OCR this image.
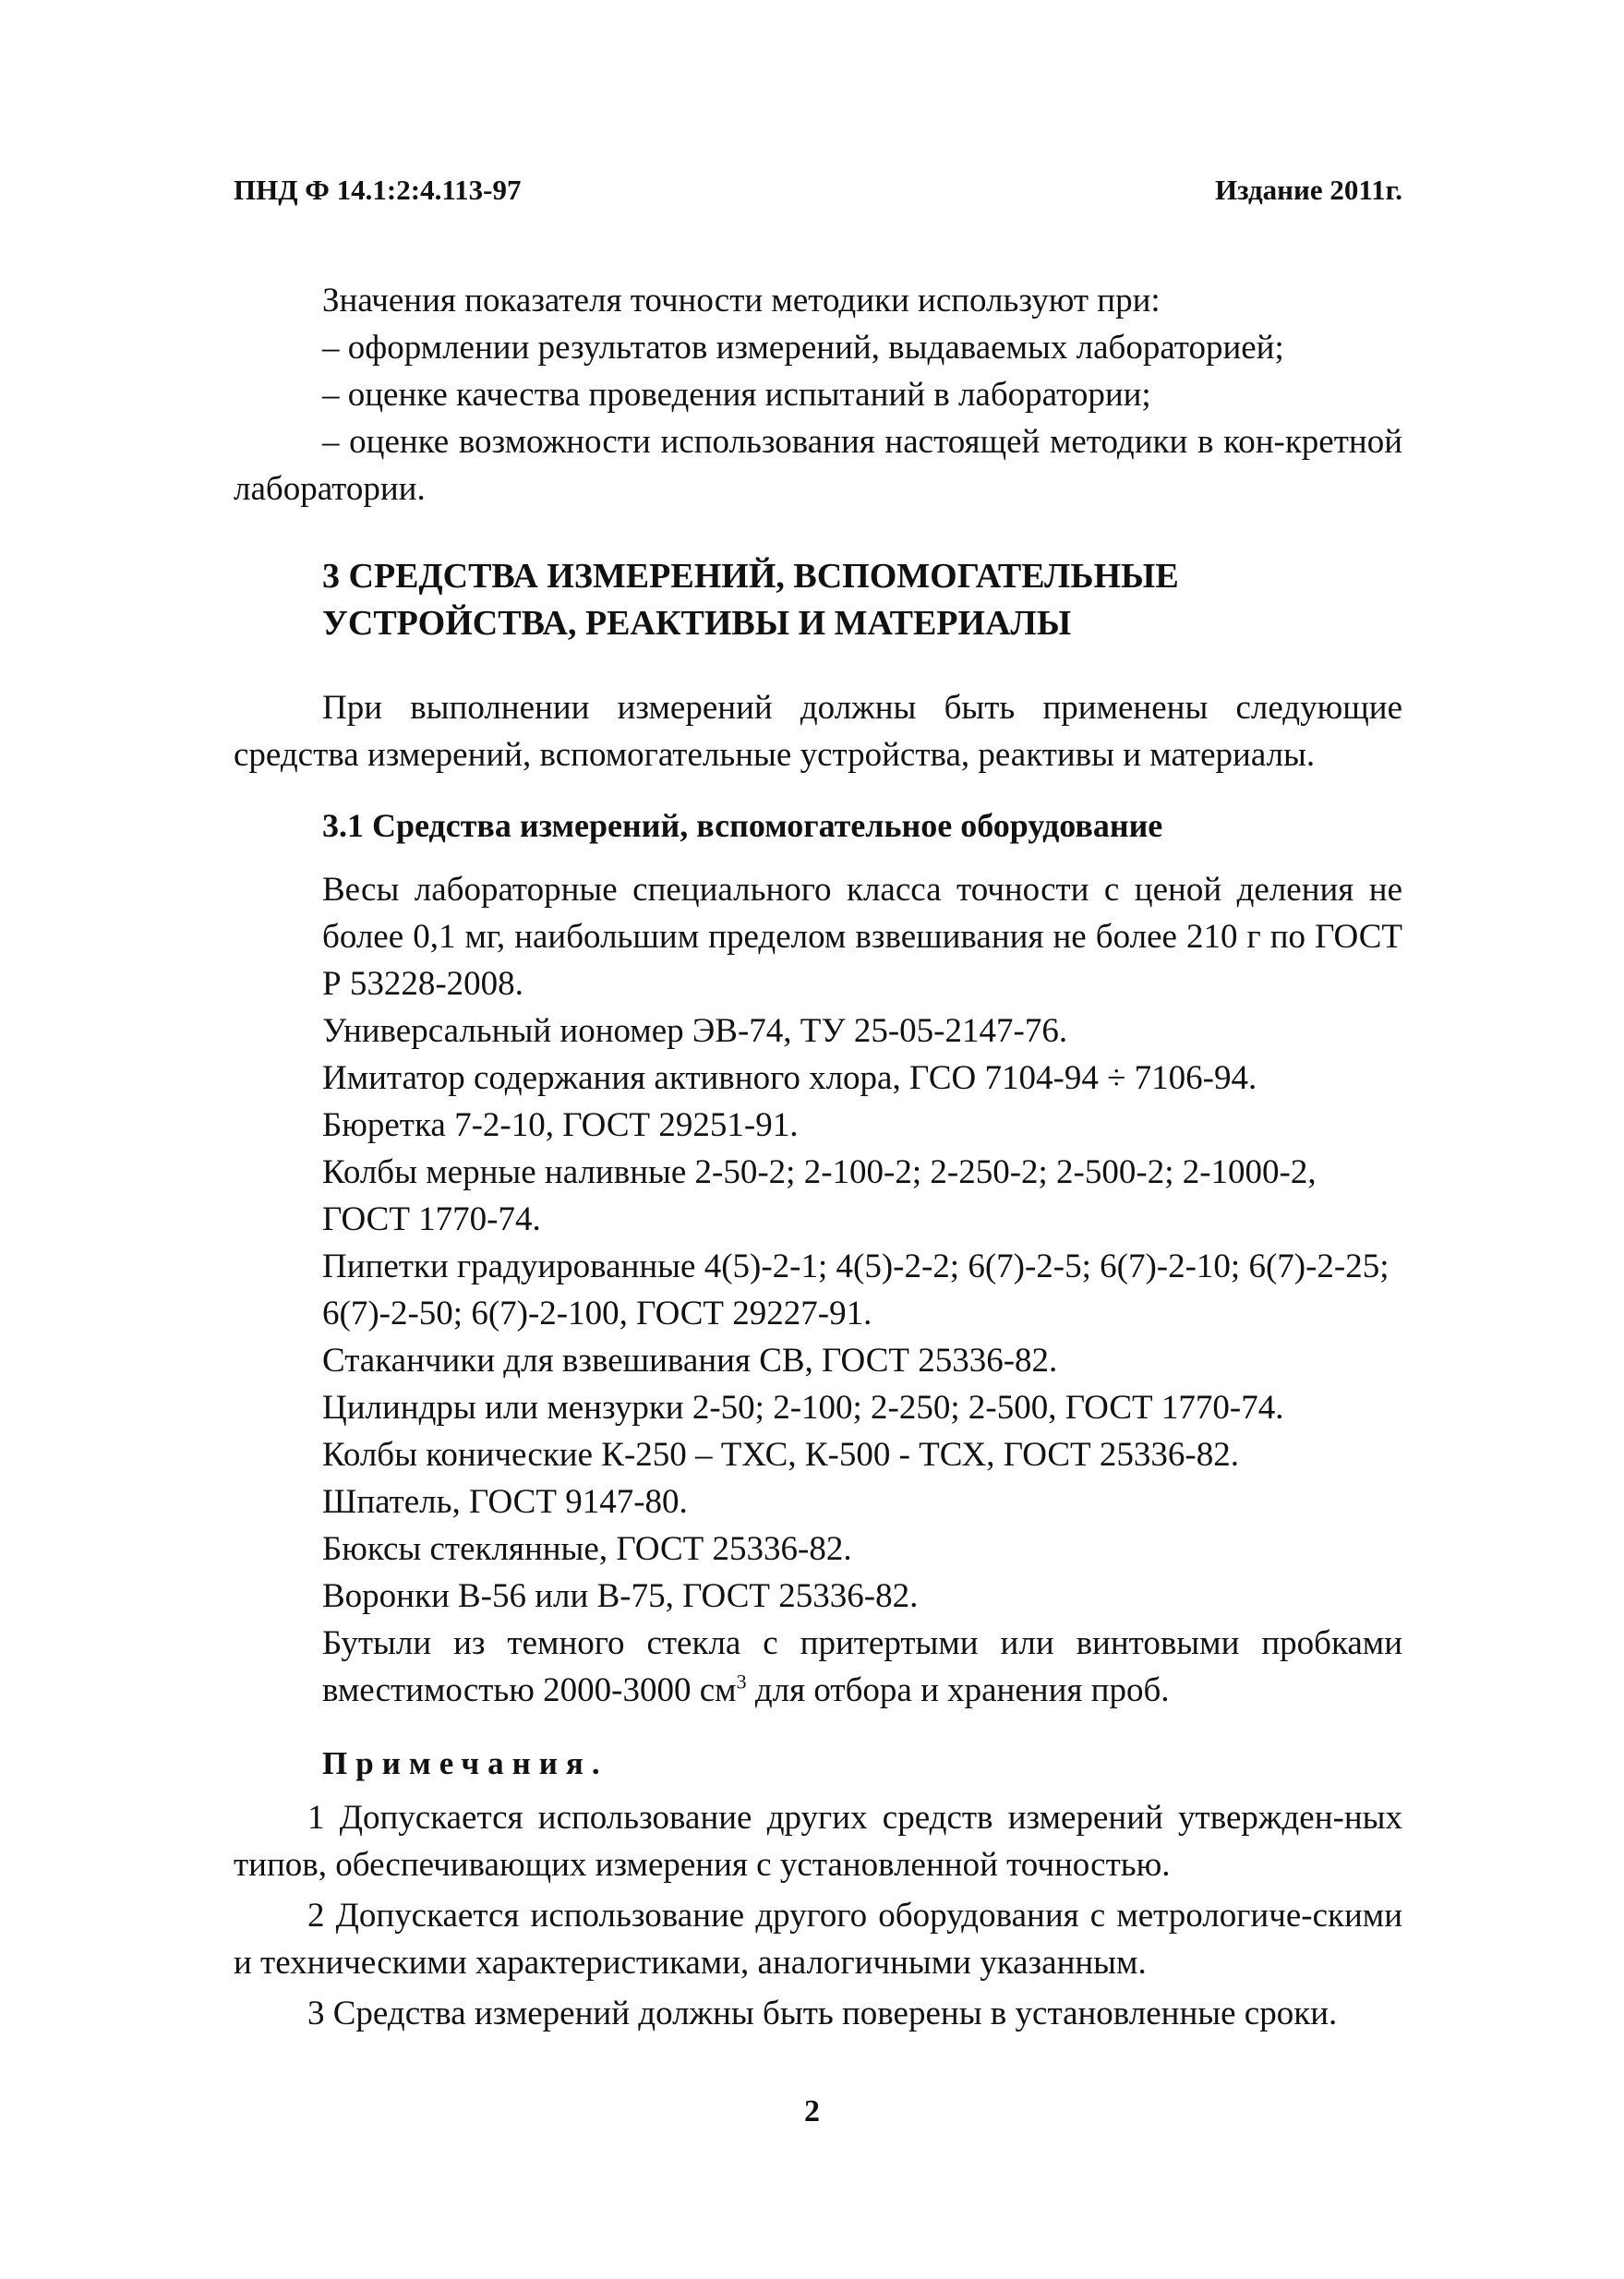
ПНД Ф 14.1:2:4.113-97	Издание 2011г.

Значения показателя точности методики используют при:

– оформлении результатов измерений, выдаваемых лабораторией;

– оценке качества проведения испытаний в лаборатории;

– оценке возможности использования настоящей методики в кон-кретной лаборатории.

3 СРЕДСТВА ИЗМЕРЕНИЙ, ВСПОМОГАТЕЛЬНЫЕ УСТРОЙСТВА, РЕАКТИВЫ И МАТЕРИАЛЫ

При выполнении измерений должны быть применены следующие средства измерений, вспомогательные устройства, реактивы и материалы.

3.1 Средства измерений, вспомогательное оборудование

Весы лабораторные специального класса точности с ценой деления не более 0,1 мг, наибольшим пределом взвешивания не более 210 г по ГОСТ Р 53228-2008.

Универсальный иономер ЭВ-74, ТУ 25-05-2147-76.

Имитатор содержания активного хлора, ГСО 7104-94 ÷ 7106-94.

Бюретка 7-2-10, ГОСТ 29251-91.

Колбы мерные наливные 2-50-2; 2-100-2; 2-250-2; 2-500-2; 2-1000-2, ГОСТ 1770-74.

Пипетки градуированные 4(5)-2-1; 4(5)-2-2; 6(7)-2-5; 6(7)-2-10; 6(7)-2-25; 6(7)-2-50; 6(7)-2-100, ГОСТ 29227-91.

Стаканчики для взвешивания СВ, ГОСТ 25336-82.

Цилиндры или мензурки 2-50; 2-100; 2-250; 2-500, ГОСТ 1770-74.

Колбы конические К-250 – ТХС, К-500 - ТСХ, ГОСТ 25336-82.

Шпатель, ГОСТ 9147-80.

Бюксы стеклянные, ГОСТ 25336-82.

Воронки В-56 или В-75, ГОСТ 25336-82.

Бутыли из темного стекла с притертыми или винтовыми пробками вместимостью 2000-3000 $см^3$ для отбора и хранения проб.

Примечания.

1 Допускается использование других средств измерений утвержден-ных типов, обеспечивающих измерения с установленной точностью.

2 Допускается использование другого оборудования с метрологиче-скими и техническими характеристиками, аналогичными указанным.

3 Средства измерений должны быть поверены в установленные сроки.

2
